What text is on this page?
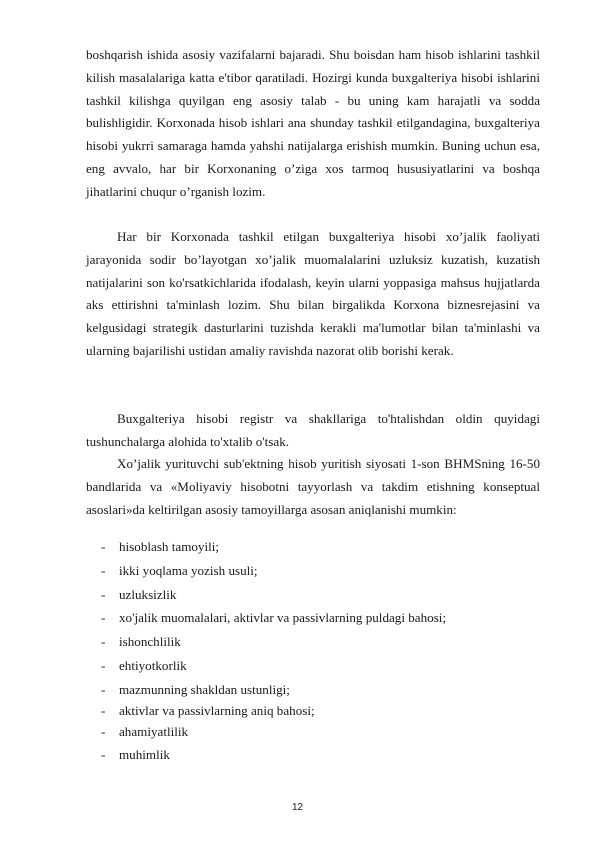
boshqarish ishida asosiy vazifalarni bajaradi. Shu boisdan ham hisob ishlarini tashkil kilish masalalariga katta e'tibor qaratiladi. Hozirgi kunda buxgalteriya hisobi ishlarini tashkil kilishga quyilgan eng asosiy talab - bu uning kam harajatli va sodda bulishligidir. Korxonada hisob ishlari ana shunday tashkil etilgandagina, buxgalteriya hisobi yukrri samaraga hamda yahshi natijalarga erishish mumkin. Buning uchun esa, eng avvalo, har bir Korxonaning o’ziga xos tarmoq hususiyatlarini va boshqa jihatlarini chuqur o’rganish lozim.

Har bir Korxonada tashkil etilgan buxgalteriya hisobi xo’jalik faoliyati jarayonida sodir bo’layotgan xo’jalik muomalalarini uzluksiz kuzatish, kuzatish natijalarini son ko'rsatkichlarida ifodalash, keyin ularni yoppasiga mahsus hujjatlarda aks ettirishni ta'minlash lozim. Shu bilan birgalikda Korxona biznesrejasini va kelgusidagi strategik dasturlarini tuzishda kerakli ma'lumotlar bilan ta'minlashi va ularning bajarilishi ustidan amaliy ravishda nazorat olib borishi kerak.

Buxgalteriya hisobi registr va shakllariga to'htalishdan oldin quyidagi tushunchalarga alohida to'xtalib o'tsak.

Xo’jalik yurituvchi sub'ektning hisob yuritish siyosati 1-son BHMSning 16-50 bandlarida va «Moliyaviy hisobotni tayyorlash va takdim etishning konseptual asoslari»da keltirilgan asosiy tamoyillarga asosan aniqlanishi mumkin:

- hisoblash tamoyili;
- ikki yoqlama yozish usuli;
- uzluksizlik
- xo'jalik muomalalari, aktivlar va passivlarning puldagi bahosi;
- ishonchlilik
- ehtiyotkorlik
- mazmunning shakldan ustunligi;
- aktivlar va passivlarning aniq bahosi;
- ahamiyatlilik
- muhimlik
12
